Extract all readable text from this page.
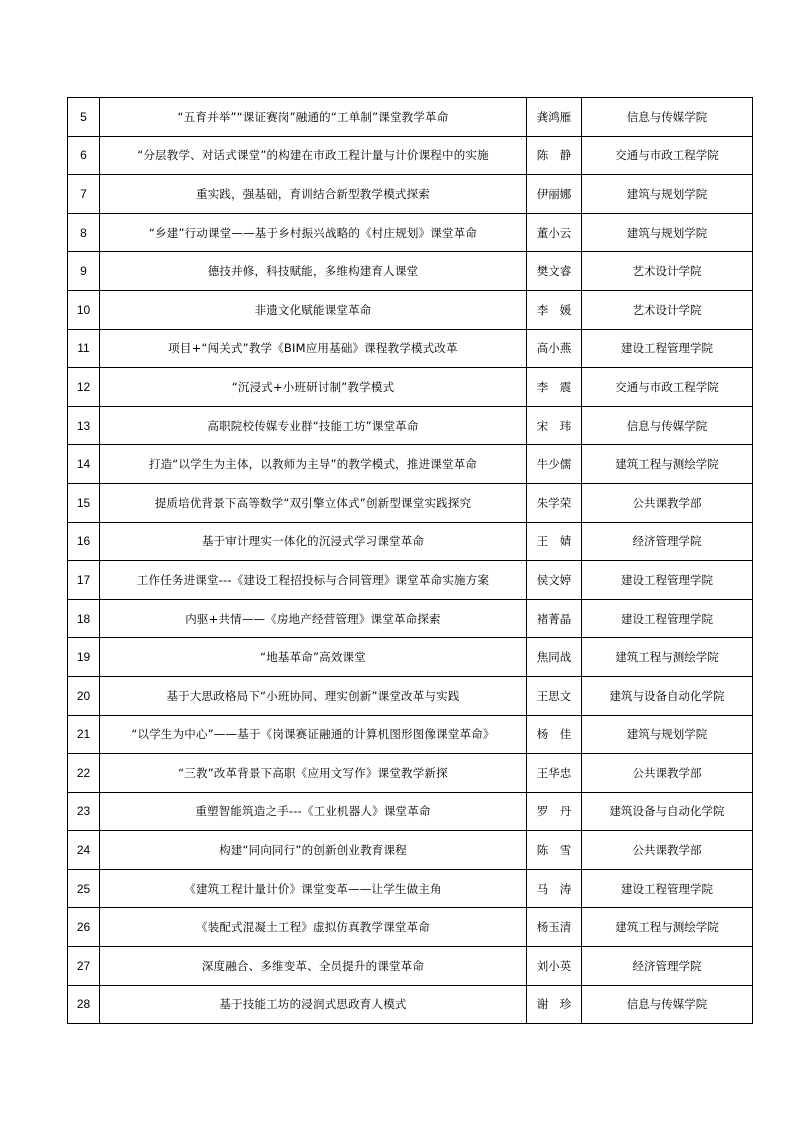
5	“五育并举”“课证赛岗”融通的“工单制”课堂教学革命	龚鸿雁	信息与传媒学院
6	“分层教学、对话式课堂”的构建在市政工程计量与计价课程中的实施	陈　静	交通与市政工程学院
7	重实践，强基础，育训结合新型教学模式探索	伊丽娜	建筑与规划学院
8	“乡建”行动课堂——基于乡村振兴战略的《村庄规划》课堂革命	董小云	建筑与规划学院
9	德技并修，科技赋能，多维构建育人课堂	樊文睿	艺术设计学院
10	非遗文化赋能课堂革命	李　媛	艺术设计学院
11	项目+“闯关式”教学《BIM应用基础》课程教学模式改革	高小燕	建设工程管理学院
12	“沉浸式+小班研讨制”教学模式	李　震	交通与市政工程学院
13	高职院校传媒专业群“技能工坊”课堂革命	宋　玮	信息与传媒学院
14	打造“以学生为主体，以教师为主导”的教学模式，推进课堂革命	牛少儒	建筑工程与测绘学院
15	提质培优背景下高等数学“双引擎立体式”创新型课堂实践探究	朱学荣	公共课教学部
16	基于审计理实一体化的沉浸式学习课堂革命	王　婧	经济管理学院
17	工作任务进课堂---《建设工程招投标与合同管理》课堂革命实施方案	侯文婷	建设工程管理学院
18	内驱+共情——《房地产经营管理》课堂革命探索	褚菁晶	建设工程管理学院
19	“地基革命”高效课堂	焦同战	建筑工程与测绘学院
20	基于大思政格局下“小班协同、理实创新”课堂改革与实践	王思文	建筑与设备自动化学院
21	“以学生为中心”——基于《岗课赛证融通的计算机图形图像课堂革命》	杨　佳	建筑与规划学院
22	“三教”改革背景下高职《应用文写作》课堂教学新探	王华忠	公共课教学部
23	重塑智能筑造之手---《工业机器人》课堂革命	罗　丹	建筑设备与自动化学院
24	构建“同向同行”的创新创业教育课程	陈　雪	公共课教学部
25	《建筑工程计量计价》课堂变革——让学生做主角	马　涛	建设工程管理学院
26	《装配式混凝土工程》虚拟仿真教学课堂革命	杨玉清	建筑工程与测绘学院
27	深度融合、多维变革、全员提升的课堂革命	刘小英	经济管理学院
28	基于技能工坊的浸润式思政育人模式	谢　珍	信息与传媒学院
